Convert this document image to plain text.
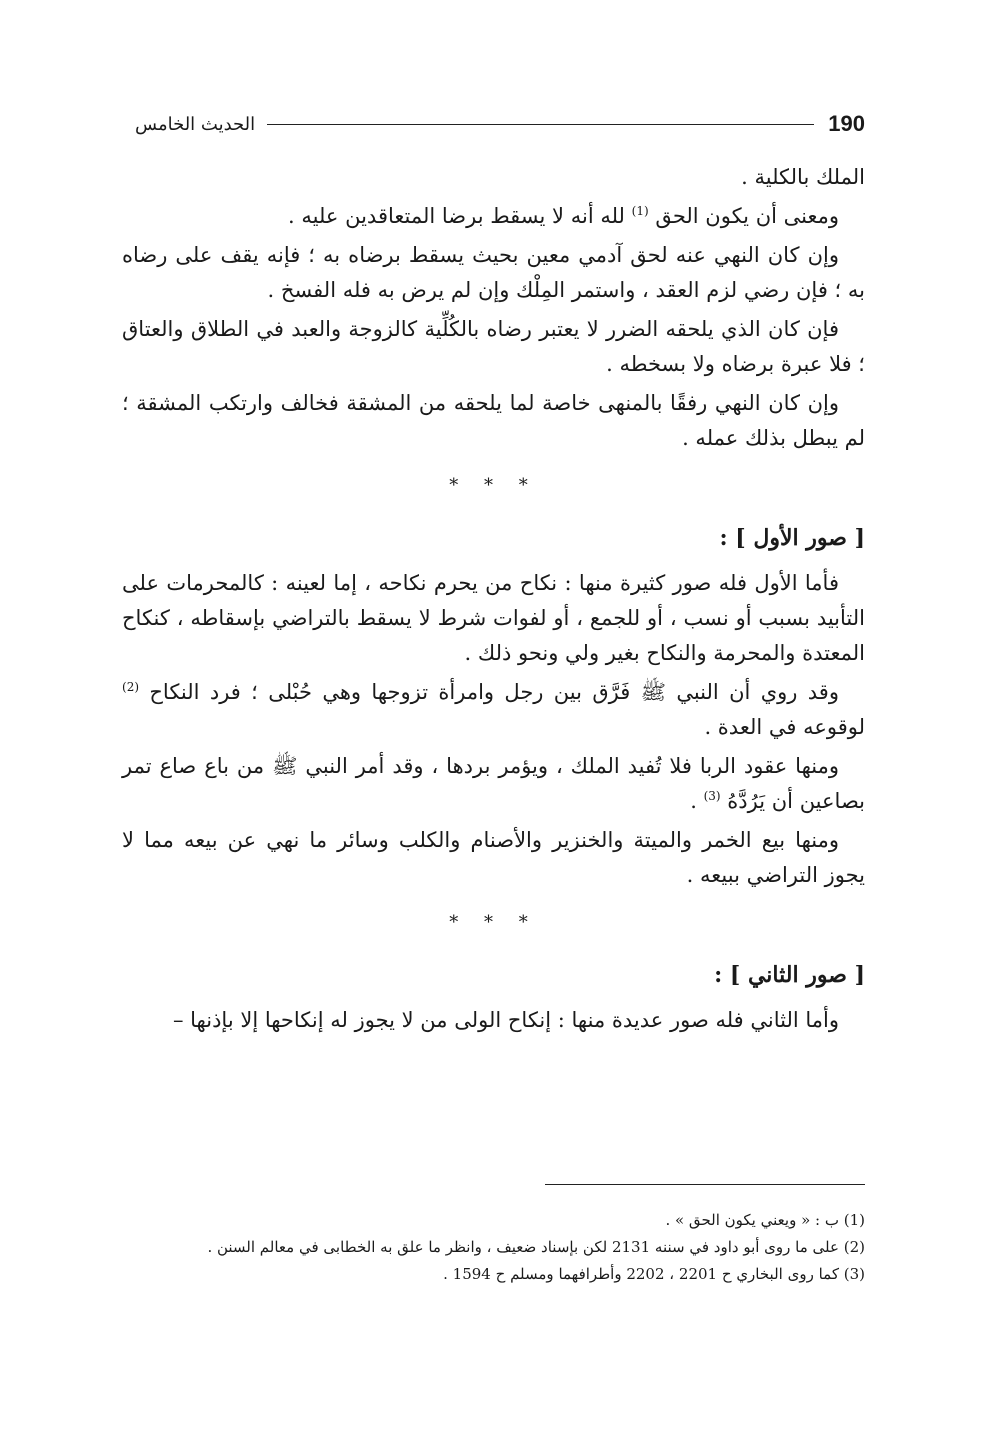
190
الحديث الخامس

الملك بالكلية .

ومعنى أن يكون الحق $^{(1)}$ لله أنه لا يسقط برضا المتعاقدين عليه .

وإن كان النهي عنه لحق آدمي معين بحيث يسقط برضاه به ؛ فإنه يقف على رضاه به ؛ فإن رضي لزم العقد ، واستمر المِلْك وإن لم يرض به فله الفسخ .

فإن كان الذي يلحقه الضرر لا يعتبر رضاه بالكُلِّية كالزوجة والعبد في الطلاق والعتاق ؛ فلا عبرة برضاه ولا بسخطه .

وإن كان النهي رفقًا بالمنهى خاصة لما يلحقه من المشقة فخالف وارتكب المشقة ؛ لم يبطل بذلك عمله .

* * *
[ صور الأول ] :

فأما الأول فله صور كثيرة منها : نكاح من يحرم نكاحه ، إما لعينه : كالمحرمات على التأبيد بسبب أو نسب ، أو للجمع ، أو لفوات شرط لا يسقط بالتراضي بإسقاطه ، كنكاح المعتدة والمحرمة والنكاح بغير ولي ونحو ذلك .

وقد روي أن النبي ﷺ فَرَّق بين رجل وامرأة تزوجها وهي حُبْلى ؛ فرد النكاح $^{(2)}$ لوقوعه في العدة .

ومنها عقود الربا فلا تُفيد الملك ، ويؤمر بردها ، وقد أمر النبي ﷺ من باع صاع تمر بصاعين أن يَرُدَّهُ $^{(3)}$ .

ومنها بيع الخمر والميتة والخنزير والأصنام والكلب وسائر ما نهي عن بيعه مما لا يجوز التراضي ببيعه .

* * *
[ صور الثاني ] :

وأما الثاني فله صور عديدة منها : إنكاح الولى من لا يجوز له إنكاحها إلا بإذنها –

(1) ب : « ويعني يكون الحق » .

(2) على ما روى أبو داود في سننه 2131 لكن بإسناد ضعيف ، وانظر ما علق به الخطابى في معالم السنن .

(3) كما روى البخاري ح 2201 ، 2202 وأطرافهما ومسلم ح 1594 .
